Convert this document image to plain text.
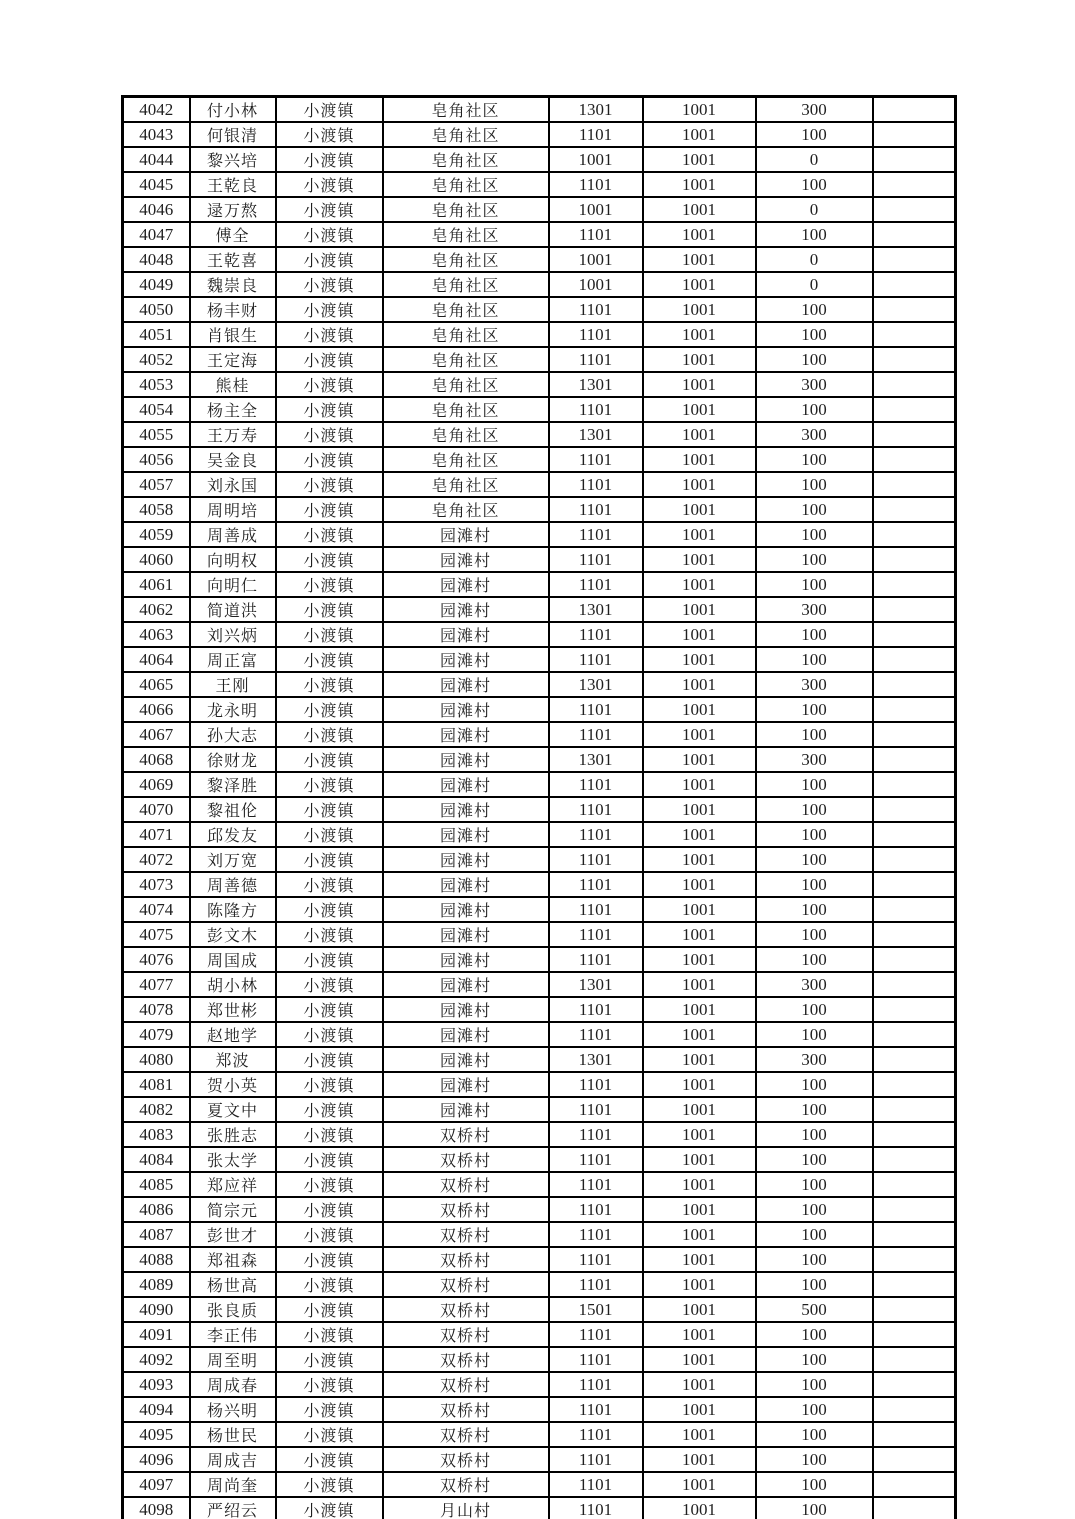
4042	付小林	小渡镇	皂角社区	1301	1001	300	
4043	何银清	小渡镇	皂角社区	1101	1001	100	
4044	黎兴培	小渡镇	皂角社区	1001	1001	0	
4045	王乾良	小渡镇	皂角社区	1101	1001	100	
4046	逯万熬	小渡镇	皂角社区	1001	1001	0	
4047	傅全	小渡镇	皂角社区	1101	1001	100	
4048	王乾喜	小渡镇	皂角社区	1001	1001	0	
4049	魏崇良	小渡镇	皂角社区	1001	1001	0	
4050	杨丰财	小渡镇	皂角社区	1101	1001	100	
4051	肖银生	小渡镇	皂角社区	1101	1001	100	
4052	王定海	小渡镇	皂角社区	1101	1001	100	
4053	熊桂	小渡镇	皂角社区	1301	1001	300	
4054	杨主全	小渡镇	皂角社区	1101	1001	100	
4055	王万寿	小渡镇	皂角社区	1301	1001	300	
4056	吴金良	小渡镇	皂角社区	1101	1001	100	
4057	刘永国	小渡镇	皂角社区	1101	1001	100	
4058	周明培	小渡镇	皂角社区	1101	1001	100	
4059	周善成	小渡镇	园滩村	1101	1001	100	
4060	向明权	小渡镇	园滩村	1101	1001	100	
4061	向明仁	小渡镇	园滩村	1101	1001	100	
4062	简道洪	小渡镇	园滩村	1301	1001	300	
4063	刘兴炳	小渡镇	园滩村	1101	1001	100	
4064	周正富	小渡镇	园滩村	1101	1001	100	
4065	王刚	小渡镇	园滩村	1301	1001	300	
4066	龙永明	小渡镇	园滩村	1101	1001	100	
4067	孙大志	小渡镇	园滩村	1101	1001	100	
4068	徐财龙	小渡镇	园滩村	1301	1001	300	
4069	黎泽胜	小渡镇	园滩村	1101	1001	100	
4070	黎祖伦	小渡镇	园滩村	1101	1001	100	
4071	邱发友	小渡镇	园滩村	1101	1001	100	
4072	刘万宽	小渡镇	园滩村	1101	1001	100	
4073	周善德	小渡镇	园滩村	1101	1001	100	
4074	陈隆方	小渡镇	园滩村	1101	1001	100	
4075	彭文木	小渡镇	园滩村	1101	1001	100	
4076	周国成	小渡镇	园滩村	1101	1001	100	
4077	胡小林	小渡镇	园滩村	1301	1001	300	
4078	郑世彬	小渡镇	园滩村	1101	1001	100	
4079	赵地学	小渡镇	园滩村	1101	1001	100	
4080	郑波	小渡镇	园滩村	1301	1001	300	
4081	贺小英	小渡镇	园滩村	1101	1001	100	
4082	夏文中	小渡镇	园滩村	1101	1001	100	
4083	张胜志	小渡镇	双桥村	1101	1001	100	
4084	张太学	小渡镇	双桥村	1101	1001	100	
4085	郑应祥	小渡镇	双桥村	1101	1001	100	
4086	简宗元	小渡镇	双桥村	1101	1001	100	
4087	彭世才	小渡镇	双桥村	1101	1001	100	
4088	郑祖森	小渡镇	双桥村	1101	1001	100	
4089	杨世高	小渡镇	双桥村	1101	1001	100	
4090	张良质	小渡镇	双桥村	1501	1001	500	
4091	李正伟	小渡镇	双桥村	1101	1001	100	
4092	周至明	小渡镇	双桥村	1101	1001	100	
4093	周成春	小渡镇	双桥村	1101	1001	100	
4094	杨兴明	小渡镇	双桥村	1101	1001	100	
4095	杨世民	小渡镇	双桥村	1101	1001	100	
4096	周成吉	小渡镇	双桥村	1101	1001	100	
4097	周尚奎	小渡镇	双桥村	1101	1001	100	
4098	严绍云	小渡镇	月山村	1101	1001	100	
